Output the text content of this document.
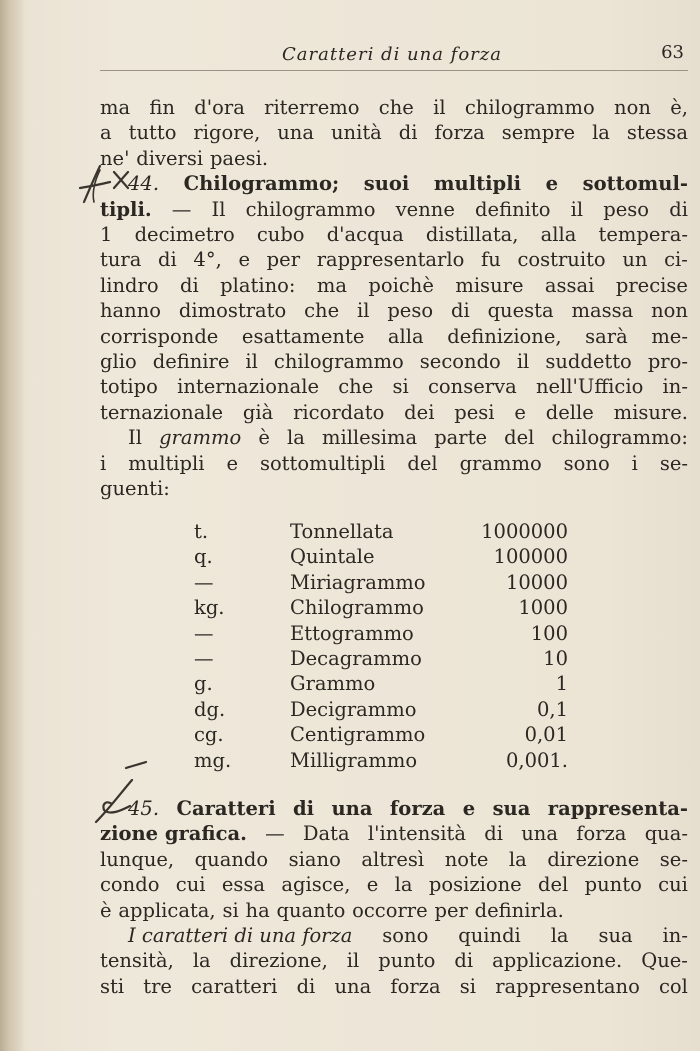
Caratteri di una forza	63
ma fin d'ora riterremo che il chilogrammo non è,
a tutto rigore, una unità di forza sempre la stessa
ne' diversi paesi.
44. Chilogrammo; suoi multipli e sottomul-
tipli. — Il chilogrammo venne definito il peso di
1 decimetro cubo d'acqua distillata, alla tempera-
tura di 4°, e per rappresentarlo fu costruito un ci-
lindro di platino: ma poichè misure assai precise
hanno dimostrato che il peso di questa massa non
corrisponde esattamente alla definizione, sarà me-
glio definire il chilogrammo secondo il suddetto pro-
totipo internazionale che si conserva nell'Ufficio in-
ternazionale già ricordato dei pesi e delle misure.
Il grammo è la millesima parte del chilogrammo:
i multipli e sottomultipli del grammo sono i se-
guenti:
t.	Tonnellata	1000000
q.	Quintale	100000
—	Miriagrammo	10000
kg.	Chilogrammo	1000
—	Ettogrammo	100
—	Decagrammo	10
g.	Grammo	1
dg.	Decigrammo	0,1
cg.	Centigrammo	0,01
mg.	Milligrammo	0,001.
45. Caratteri di una forza e sua rappresenta-
zione grafica. — Data l'intensità di una forza qua-
lunque, quando siano altresì note la direzione se-
condo cui essa agisce, e la posizione del punto cui
è applicata, si ha quanto occorre per definirla.
I caratteri di una forza sono quindi la sua in-
tensità, la direzione, il punto di applicazione. Que-
sti tre caratteri di una forza si rappresentano col
